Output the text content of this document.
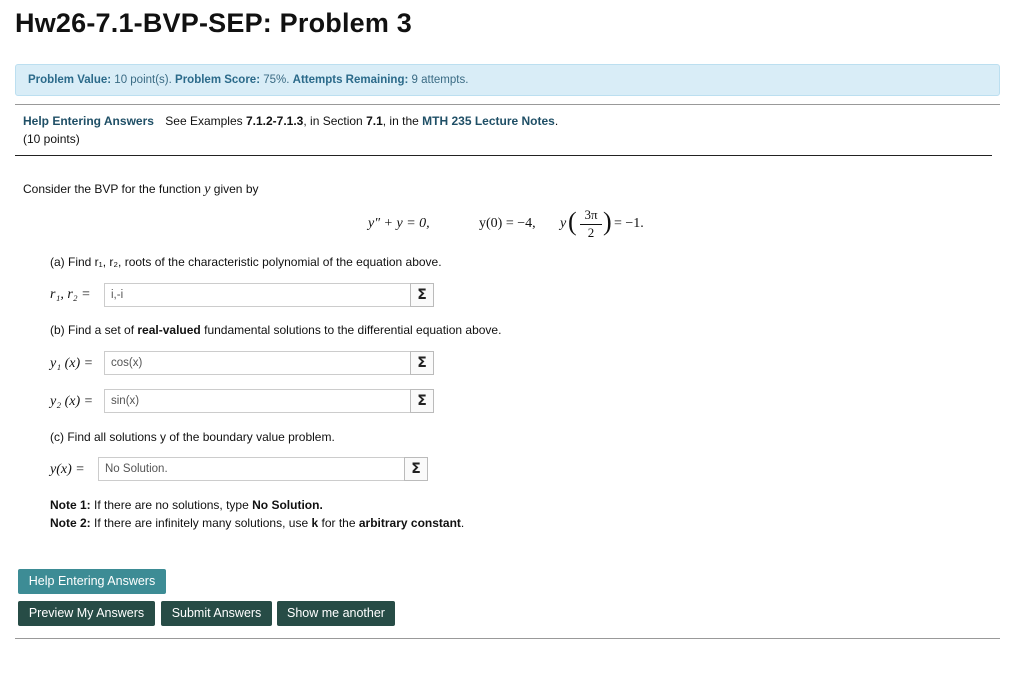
Hw26-7.1-BVP-SEP: Problem 3
Problem Value: 10 point(s). Problem Score: 75%. Attempts Remaining: 9 attempts.
Help Entering Answers See Examples 7.1.2-7.1.3, in Section 7.1, in the MTH 235 Lecture Notes.
(10 points)
Consider the BVP for the function y given by
y″ + y = 0,	y(0) = −4, y ( 3π
2 ) = −1.
(a) Find r₁, r₂, roots of the characteristic polynomial of the equation above.
r₁, r₂ =
i,-i	Σ
(b) Find a set of real-valued fundamental solutions to the differential equation above.
y₁ (x) =
cos(x)	Σ
y₂ (x) =
sin(x)	Σ
(c) Find all solutions y of the boundary value problem.
y(x) =
No Solution.	Σ
Note 1: If there are no solutions, type No Solution.
Note 2: If there are infinitely many solutions, use k for the arbitrary constant.
Help Entering Answers
Preview My Answers	Submit Answers	Show me another
